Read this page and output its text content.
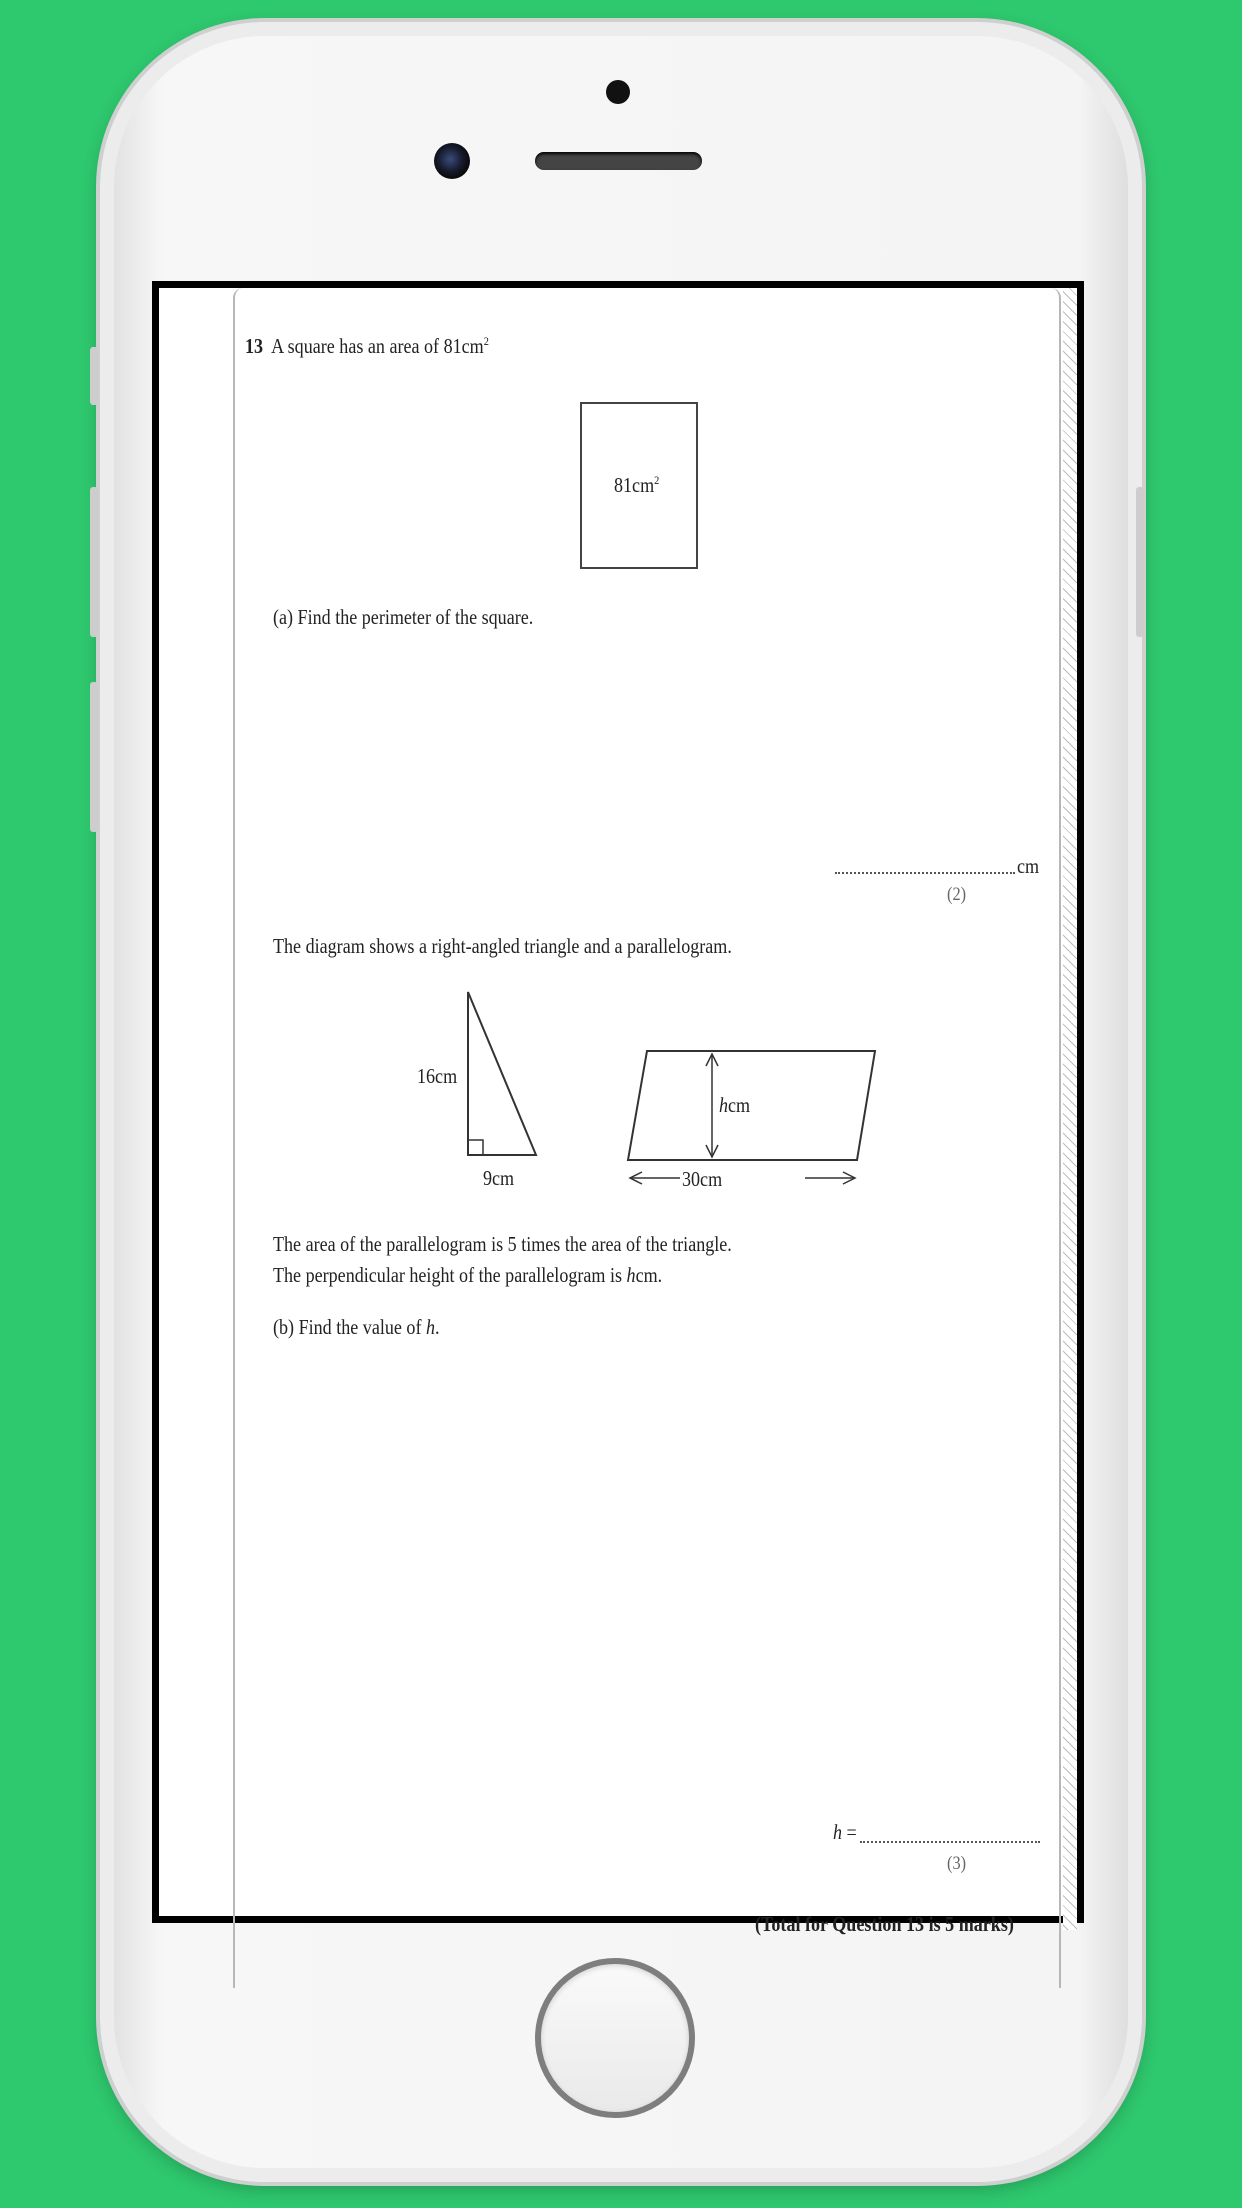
13 A square has an area of $81cm^2$
$81cm^2$
(a) Find the perimeter of the square.
cm
(2)
The diagram shows a right-angled triangle and a parallelogram.
16cm
9cm
hcm
30cm
The area of the parallelogram is 5 times the area of the triangle.
The perpendicular height of the parallelogram is hcm.
(b) Find the value of h.
h =
(3)
(Total for Question 13 is 5 marks)
